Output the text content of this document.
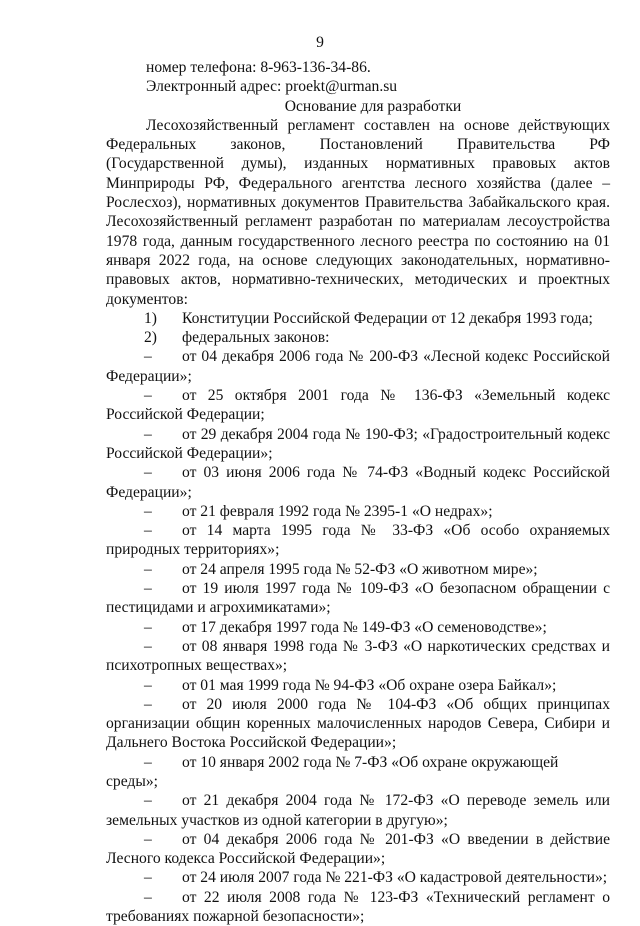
9
номер телефона: 8-963-136-34-86.
Электронный адрес: proekt@urman.su
Основание для разработки
Лесохозяйственный регламент составлен на основе действующих Федеральных законов, Постановлений Правительства РФ (Государственной думы), изданных нормативных правовых актов Минприроды РФ, Федерального агентства лесного хозяйства (далее – Рослесхоз), нормативных документов Правительства Забайкальского края. Лесохозяйственный регламент разработан по материалам лесоустройства 1978 года, данным государственного лесного реестра по состоянию на 01 января 2022 года, на основе следующих законодательных, нормативно-правовых актов, нормативно-технических, методических и проектных документов:
1)	Конституции Российской Федерации от 12 декабря 1993 года;
2)	федеральных законов:
– от 04 декабря 2006 года № 200-ФЗ «Лесной кодекс Российской
Федерации»;
– от 25 октября 2001 года № 136-ФЗ «Земельный кодекс
Российской Федерации;
– от 29 декабря 2004 года № 190-ФЗ; «Градостроительный кодекс
Российской Федерации»;
– от 03 июня 2006 года № 74-ФЗ «Водный кодекс Российской
Федерации»;
– от 21 февраля 1992 года № 2395-1 «О недрах»;
– от 14 марта 1995 года № 33-ФЗ «Об особо охраняемых
природных территориях»;
– от 24 апреля 1995 года № 52-ФЗ «О животном мире»;
– от 19 июля 1997 года № 109-ФЗ «О безопасном обращении с
пестицидами и агрохимикатами»;
– от 17 декабря 1997 года № 149-ФЗ «О семеноводстве»;
– от 08 января 1998 года № 3-ФЗ «О наркотических средствах и
психотропных веществах»;
– от 01 мая 1999 года № 94-ФЗ «Об охране озера Байкал»;
– от 20 июля 2000 года № 104-ФЗ «Об общих принципах
организации общин коренных малочисленных народов Севера, Сибири и
Дальнего Востока Российской Федерации»;
– от 10 января 2002 года № 7-ФЗ «Об охране окружающей среды»;
– от 21 декабря 2004 года № 172-ФЗ «О переводе земель или
земельных участков из одной категории в другую»;
– от 04 декабря 2006 года № 201-ФЗ «О введении в действие
Лесного кодекса Российской Федерации»;
– от 24 июля 2007 года № 221-ФЗ «О кадастровой деятельности»;
– от 22 июля 2008 года № 123-ФЗ «Технический регламент о
требованиях пожарной безопасности»;
